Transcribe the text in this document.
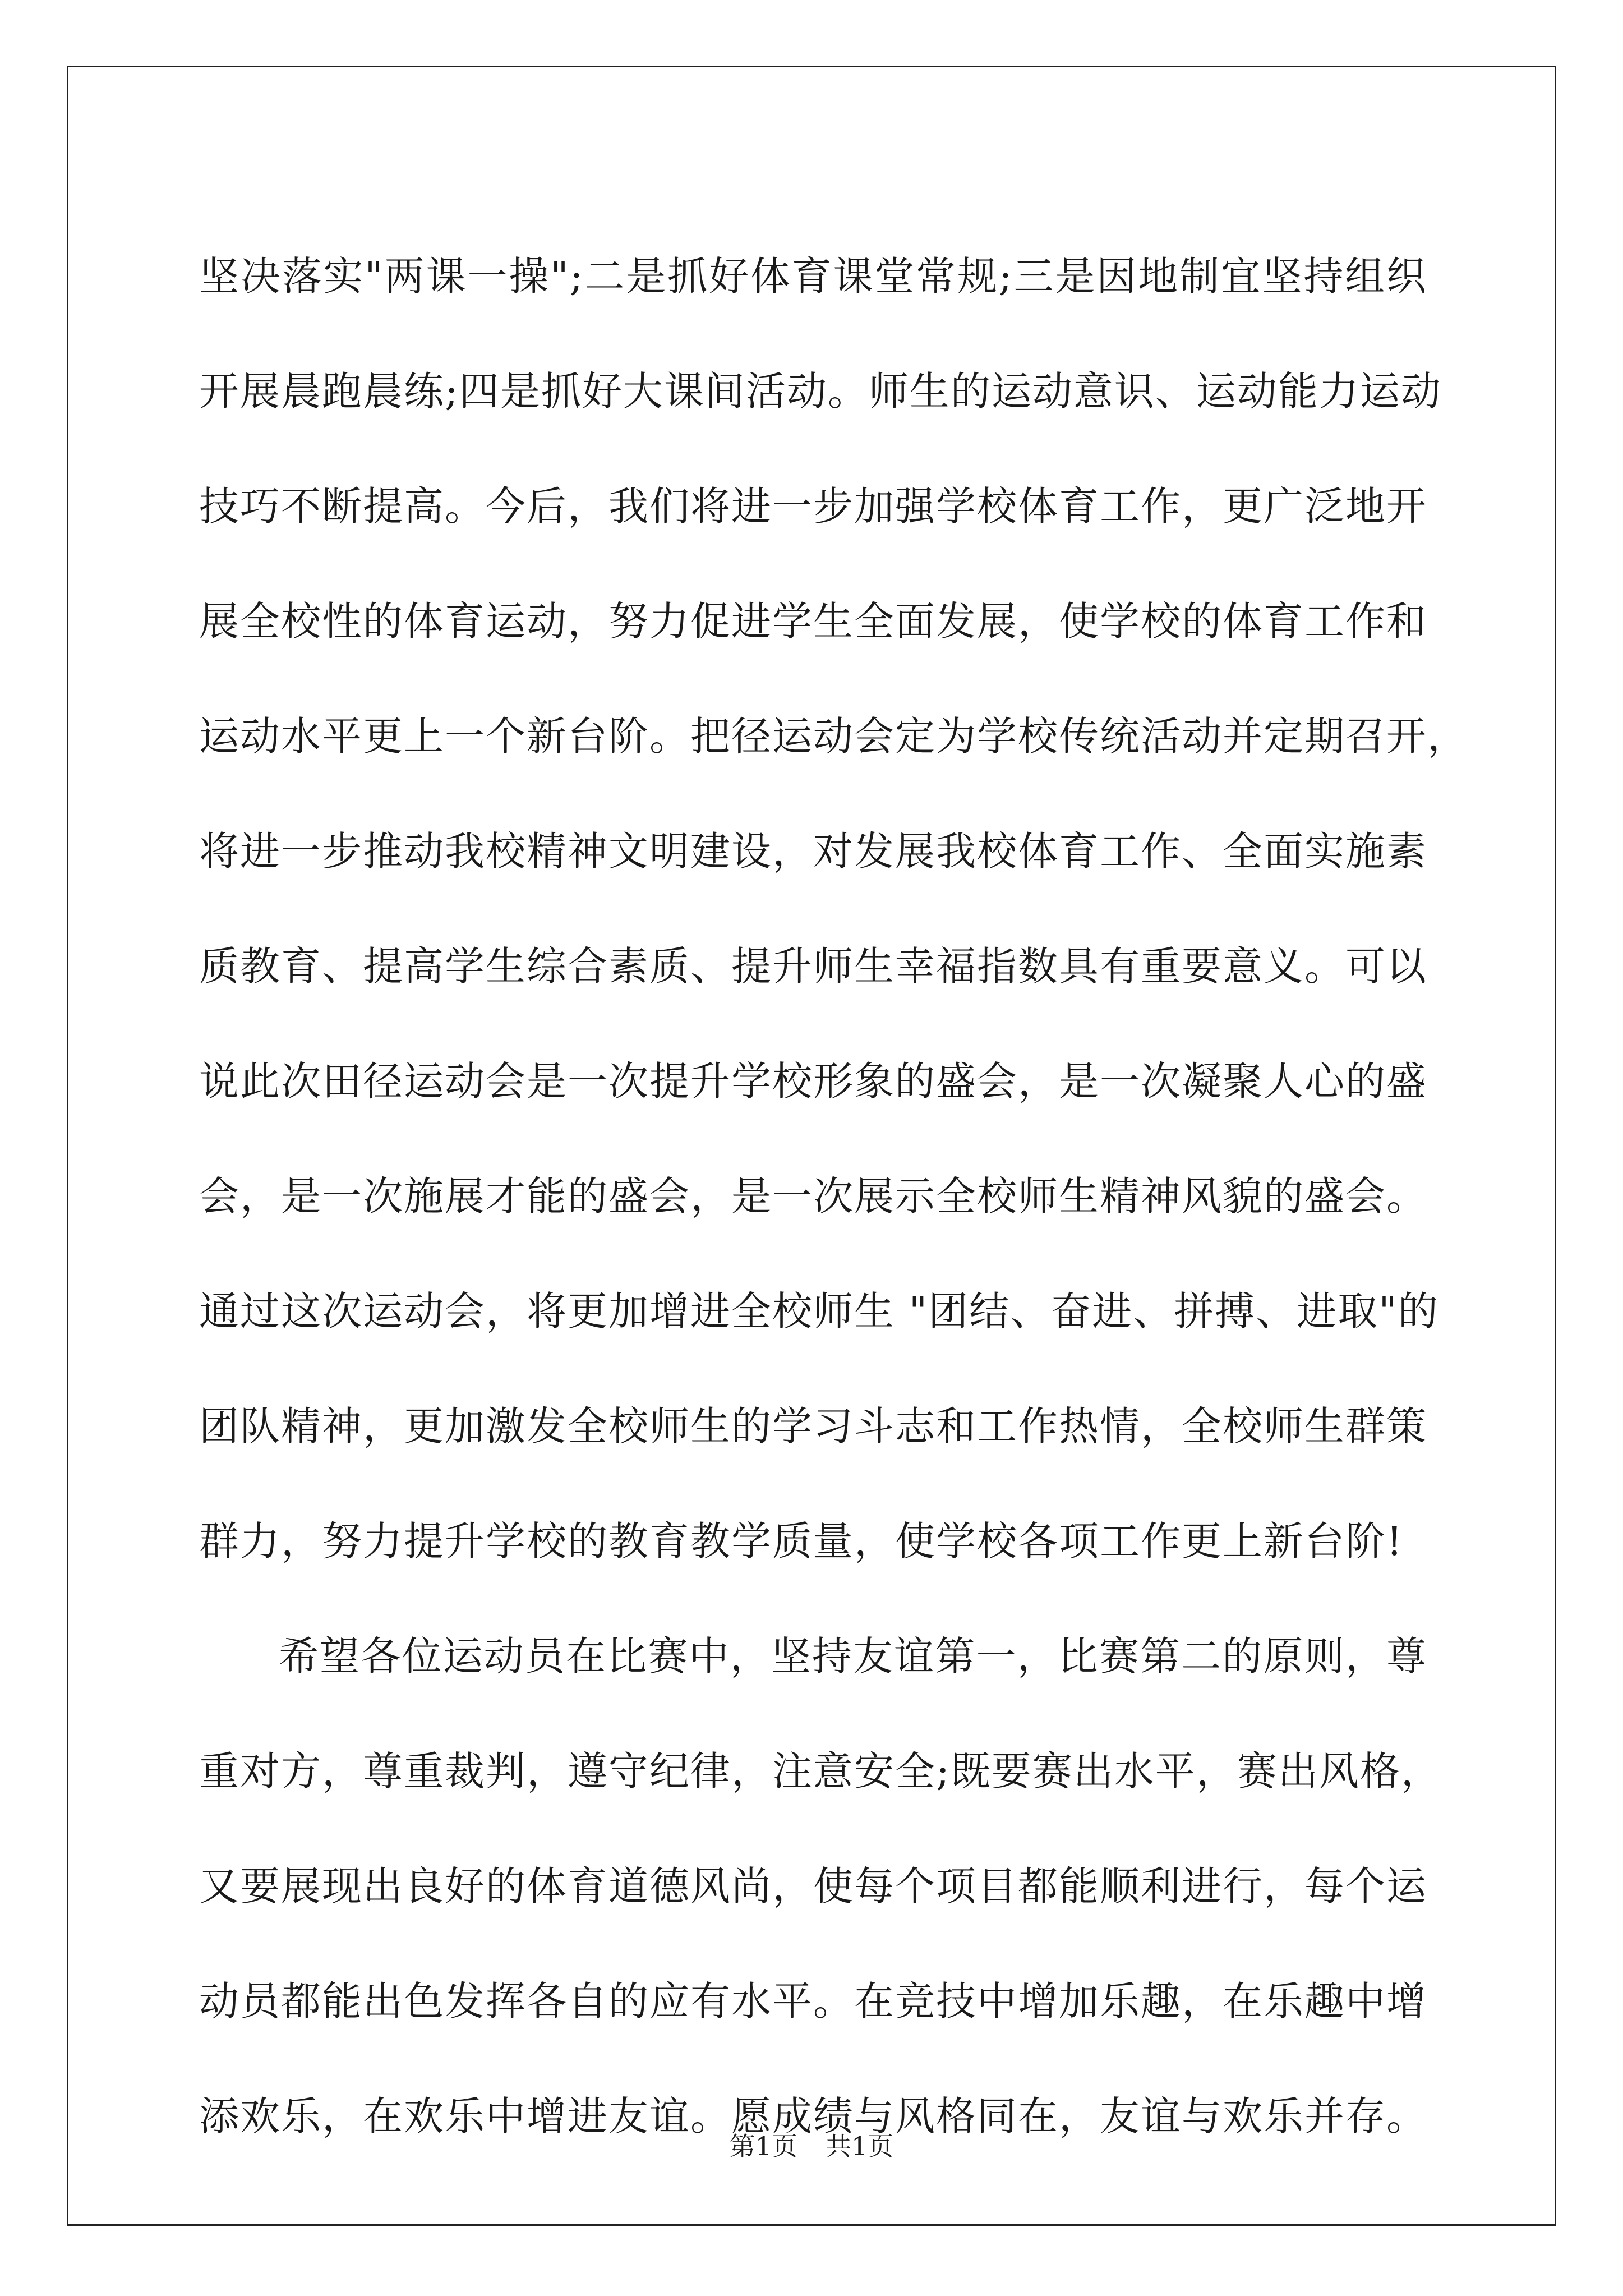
坚决落实"两课一操";二是抓好体育课堂常规;三是因地制宜坚持组织
开展晨跑晨练;四是抓好大课间活动。师生的运动意识、运动能力运动
技巧不断提高。今后，我们将进一步加强学校体育工作，更广泛地开
展全校性的体育运动，努力促进学生全面发展，使学校的体育工作和
运动水平更上一个新台阶。把径运动会定为学校传统活动并定期召开，
将进一步推动我校精神文明建设，对发展我校体育工作、全面实施素
质教育、提高学生综合素质、提升师生幸福指数具有重要意义。可以
说此次田径运动会是一次提升学校形象的盛会，是一次凝聚人心的盛
会，是一次施展才能的盛会，是一次展示全校师生精神风貌的盛会。
通过这次运动会，将更加增进全校师生 "团结、奋进、拼搏、进取"的
团队精神，更加激发全校师生的学习斗志和工作热情，全校师生群策
群力，努力提升学校的教育教学质量，使学校各项工作更上新台阶!
希望各位运动员在比赛中，坚持友谊第一，比赛第二的原则，尊
重对方，尊重裁判，遵守纪律，注意安全;既要赛出水平，赛出风格，
又要展现出良好的体育道德风尚，使每个项目都能顺利进行，每个运
动员都能出色发挥各自的应有水平。在竞技中增加乐趣，在乐趣中增
添欢乐，在欢乐中增进友谊。愿成绩与风格同在，友谊与欢乐并存。
第1页 共1页
